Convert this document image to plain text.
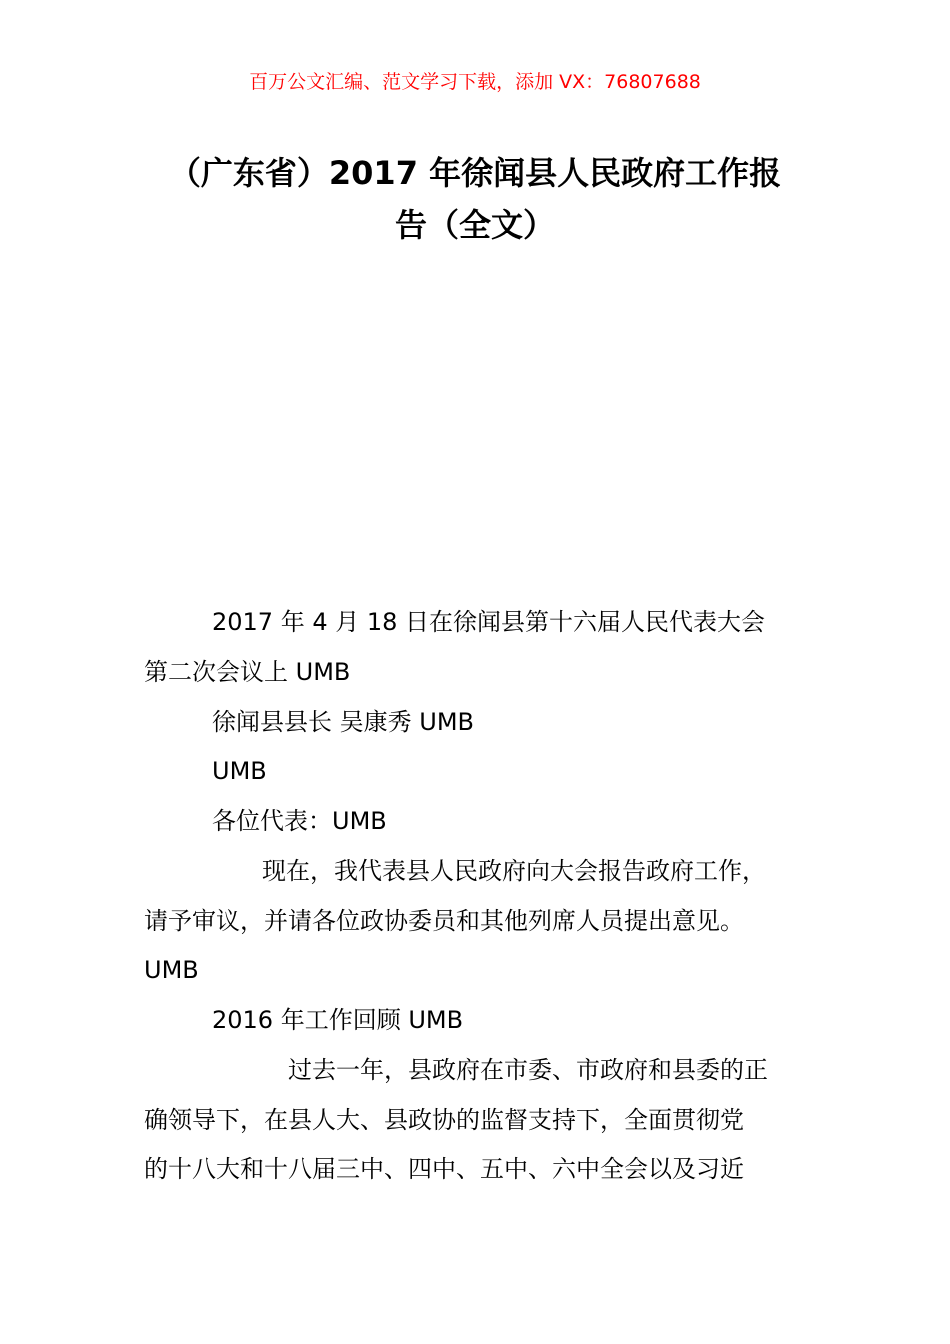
百万公文汇编、范文学习下载，添加 VX：76807688
（广东省）2017 年徐闻县人民政府工作报
告（全文）
2017 年 4 月 18 日在徐闻县第十六届人民代表大会
第二次会议上 UMB
徐闻县县长 吴康秀 UMB
UMB
各位代表：UMB
现在，我代表县人民政府向大会报告政府工作，
请予审议，并请各位政协委员和其他列席人员提出意见。
UMB
2016 年工作回顾 UMB
过去一年，县政府在市委、市政府和县委的正
确领导下，在县人大、县政协的监督支持下，全面贯彻党
的十八大和十八届三中、四中、五中、六中全会以及习近
